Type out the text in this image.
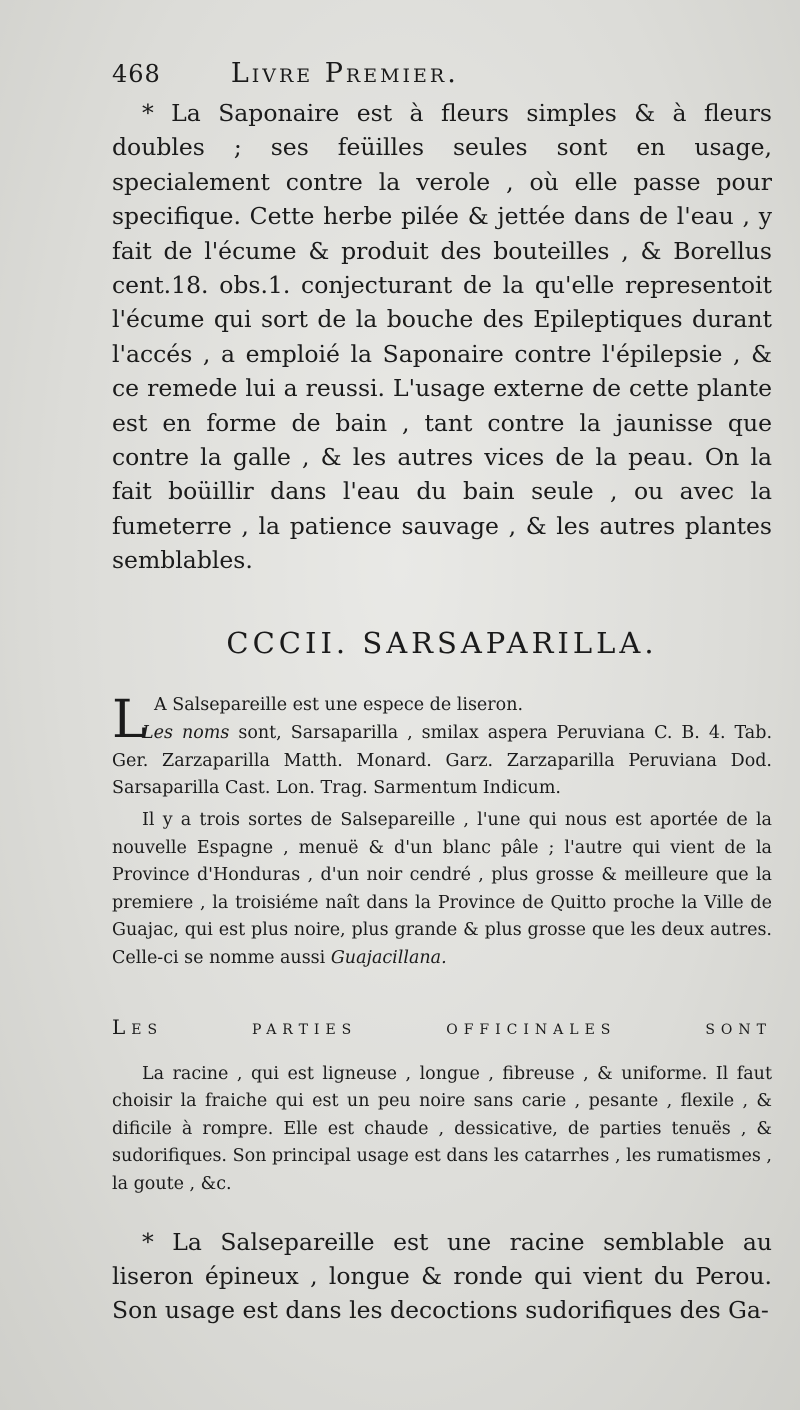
468	Livre Premier.

* La Saponaire est à fleurs simples & à fleurs doubles ; ses feüilles seules sont en usage, specialement contre la verole , où elle passe pour specifique. Cette herbe pilée & jettée dans de l'eau , y fait de l'écume & produit des bouteilles , & Borellus cent.18. obs.1. conjecturant de la qu'elle representoit l'écume qui sort de la bouche des Epileptiques durant l'accés , a emploié la Saponaire contre l'épilepsie , & ce remede lui a reussi. L'usage externe de cette plante est en forme de bain , tant contre la jaunisse que contre la galle , & les autres vices de la peau. On la fait boüillir dans l'eau du bain seule , ou avec la fumeterre , la patience sauvage , & les autres plantes semblables.

CCCII. SARSAPARILLA.
L A Salsepareille est une espece de liseron.

Les noms sont, Sarsaparilla , smilax aspera Peruviana C. B. 4. Tab. Ger. Zarzaparilla Matth. Monard. Garz. Zarzaparilla Peruviana Dod. Sarsaparilla Cast. Lon. Trag. Sarmentum Indicum.

Il y a trois sortes de Salsepareille , l'une qui nous est aportée de la nouvelle Espagne , menuë & d'un blanc pâle ; l'autre qui vient de la Province d'Honduras , d'un noir cendré , plus grosse & meilleure que la premiere , la troisiéme naît dans la Province de Quitto proche la Ville de Guajac, qui est plus noire, plus grande & plus grosse que les deux autres. Celle-ci se nomme aussi Guajacillana.

Les parties officinales sont

La racine , qui est ligneuse , longue , fibreuse , & uniforme. Il faut choisir la fraiche qui est un peu noire sans carie , pesante , flexile , & dificile à rompre. Elle est chaude , dessicative, de parties tenuës , & sudorifiques. Son principal usage est dans les catarrhes , les rumatismes , la goute , &c.

* La Salsepareille est une racine semblable au liseron épineux , longue & ronde qui vient du Perou. Son usage est dans les decoctions sudorifiques des Ga-
